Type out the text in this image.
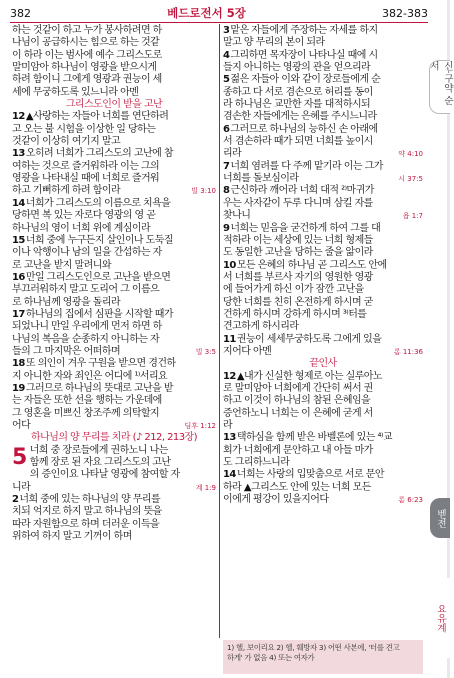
382	베드로전서 5장	382-383
하는 것같이 하고 누가 봉사하려면 하
나님이 공급하시는 힘으로 하는 것같
이 하라 이는 범사에 예수 그리스도로
말미암아 하나님이 영광을 받으시게
하려 함이니 그에게 영광과 권능이 세
세에 무궁하도록 있느니라 아멘
그리스도인이 받을 고난
12▲사랑하는 자들아 너희를 연단하려
고 오는 불 시험을 이상한 일 당하는
것같이 이상히 여기지 말고
13오히려 너희가 그리스도의 고난에 참
여하는 것으로 즐거워하라 이는 그의
영광을 나타내실 때에 너희로 즐거워
빌 3:10
하고 기뻐하게 하려 함이라
14너희가 그리스도의 이름으로 치욕을
당하면 복 있는 자로다 영광의 영 곧
하나님의 영이 너희 위에 계심이라
15너희 중에 누구든지 살인이나 도둑질
이나 악행이나 남의 일을 간섭하는 자
로 고난을 받지 말려니와
16만일 그리스도인으로 고난을 받으면
부끄러워하지 말고 도리어 그 이름으
로 하나님께 영광을 돌리라
17하나님의 집에서 심판을 시작할 때가
되었나니 만일 우리에게 먼저 하면 하
나님의 복음을 순종하지 아니하는 자
빌 3:5
들의 그 마지막은 어떠하며
18또 의인이 겨우 구원을 받으면 경건하
지 아니한 자와 죄인은 어디에 ¹⁾서리요
19그러므로 하나님의 뜻대로 고난을 받
는 자들은 또한 선을 행하는 가운데에
그 영혼을 미쁘신 창조주께 의탁할지
딤후 1:12
어다
하나님의 양 무리를 치라 (♪ 212, 213장)
5 너희 중 장로들에게 권하노니 나는
함께 장로 된 자요 그리스도의 고난
의 증인이요 나타날 영광에 참여할 자
계 1:9
니라
2너희 중에 있는 하나님의 양 무리를
치되 억지로 하지 말고 하나님의 뜻을
따라 자원함으로 하며 더러운 이득을
위하여 하지 말고 기꺼이 하며
3맡은 자들에게 주장하는 자세를 하지
말고 양 무리의 본이 되라
4그리하면 목자장이 나타나실 때에 시
들지 아니하는 영광의 관을 얻으리라
5젊은 자들아 이와 같이 장로들에게 순
종하고 다 서로 겸손으로 허리를 동이
라 하나님은 교만한 자를 대적하시되
겸손한 자들에게는 은혜를 주시느니라
6그러므로 하나님의 능하신 손 아래에
서 겸손하라 때가 되면 너희를 높이시
약 4:10
리라
7너희 염려를 다 주께 맡기라 이는 그가
시 37:5
너희를 돌보심이라
8근신하라 깨어라 너희 대적 ²⁾마귀가
우는 사자같이 두루 다니며 삼킬 자를
욥 1:7
찾나니
9너희는 믿음을 굳건하게 하여 그를 대
적하라 이는 세상에 있는 너희 형제들
도 동일한 고난을 당하는 줄을 앎이라
10모든 은혜의 하나님 곧 그리스도 안에
서 너희를 부르사 자기의 영원한 영광
에 들어가게 하신 이가 잠깐 고난을
당한 너희를 친히 온전하게 하시며 굳
건하게 하시며 강하게 하시며 ³⁾터를
견고하게 하시리라
11권능이 세세무궁하도록 그에게 있을
롬 11:36
지어다 아멘
끝인사
12▲내가 신실한 형제로 아는 실루아노
로 말미암아 너희에게 간단히 써서 권
하고 이것이 하나님의 참된 은혜임을
증언하노니 너희는 이 은혜에 굳게 서
라
13택하심을 함께 받은 바벨론에 있는 ⁴⁾교
회가 너희에게 문안하고 내 아들 마가
도 그리하느니라
14너희는 사랑의 입맞춤으로 서로 문안
하라 ▲그리스도 안에 있는 너희 모든
롬 6:23
이에게 평강이 있을지어다
1) 헬, 보이리요 2) 헬, 훼방자 3) 어떤 사본에, '터를 견고
하게' 가 없음 4) 또는 여자가
신·구약 순서
벧전
요유계
